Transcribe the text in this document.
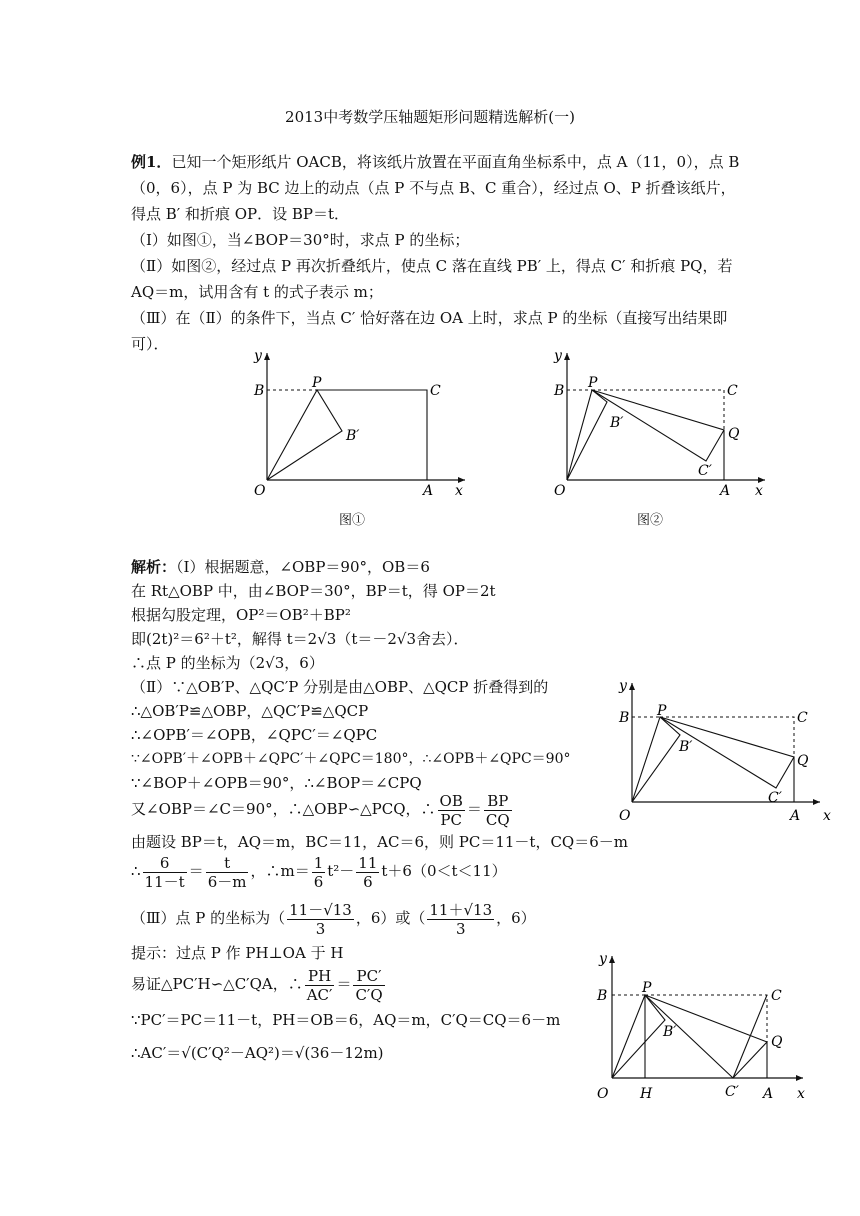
2013中考数学压轴题矩形问题精选解析(一)
例1．已知一个矩形纸片 OACB，将该纸片放置在平面直角坐标系中，点 A（11，0），点 B
（0，6），点 P 为 BC 边上的动点（点 P 不与点 B、C 重合），经过点 O、P 折叠该纸片，
得点 B′ 和折痕 OP．设 BP＝t．
（Ⅰ）如图①，当∠BOP＝30°时，求点 P 的坐标；
（Ⅱ）如图②，经过点 P 再次折叠纸片，使点 C 落在直线 PB′ 上，得点 C′ 和折痕 PQ，若
AQ＝m，试用含有 t 的式子表示 m；
（Ⅲ）在（Ⅱ）的条件下，当点 C′ 恰好落在边 OA 上时，求点 P 的坐标（直接写出结果即
可）．
y
B	P	C
B′
O	A x
图①
y
B P	C
B′
Q
C′
O	A x
图②
解析：（Ⅰ）根据题意，∠OBP＝90°，OB＝6
在 Rt△OBP 中，由∠BOP＝30°，BP＝t，得 OP＝2t
根据勾股定理，OP²＝OB²＋BP²
即(2t)²＝6²＋t²，解得 t＝2√3（t＝－2√3舍去）．
∴点 P 的坐标为（2√3，6）
（Ⅱ）∵△OB′P、△QC′P 分别是由△OBP、△QCP 折叠得到的
∴△OB′P≌△OBP，△QC′P≌△QCP
∴∠OPB′＝∠OPB，∠QPC′＝∠QPC
∵∠OPB′＋∠OPB＋∠QPC′＋∠QPC＝180°，∴∠OPB＋∠QPC＝90°
∵∠BOP＋∠OPB＝90°，∴∠BOP＝∠CPQ
又∠OBP＝∠C＝90°，∴△OBP∽△PCQ，∴ $\frac{OB}{PC} = \frac{BP}{CQ}$
由题设 BP＝t，AQ＝m，BC＝11，AC＝6，则 PC＝11－t，CQ＝6－m
∴ $\frac{6}{11-t} = \frac{t}{6-m}$ ，∴m＝ $\frac{1}{6} t^2- \frac{11}{6} t+6(0<t<11)$
（Ⅲ）点 P 的坐标为（ $\frac{11-√13}{3}$ ，6）或（ $\frac{11+√13}{3}$ ，6）
提示：过点 P 作 PH⊥OA 于 H
易证△PC′H∽△C′QA，∴ $\frac{PH}{AC'} = \frac{PC'}{C'Q}$
∵PC′＝PC＝11－t，PH＝OB＝6，AQ＝m，C′Q＝CQ＝6－m
∴AC′＝√(C′Q²－AQ²)＝√(36－12m)
y
B P	C
B′
Q
C′
O	A x
y
B P	C
B′
Q
O H	C′ A x
